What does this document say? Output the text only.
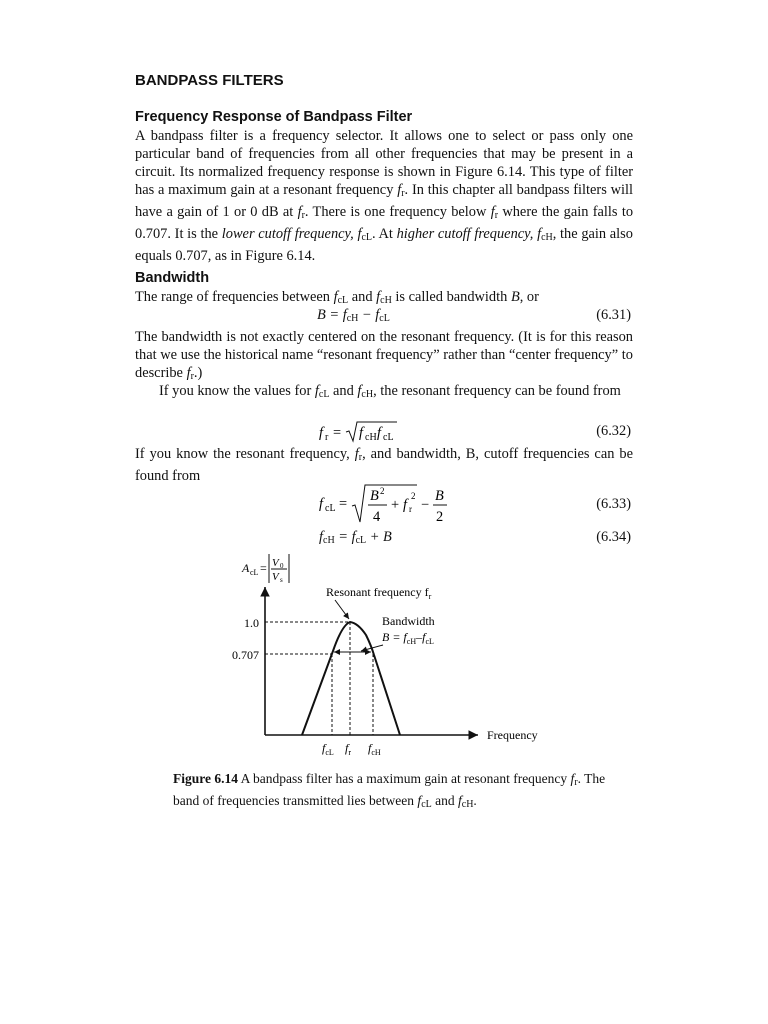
BANDPASS FILTERS
Frequency Response of Bandpass Filter

A bandpass filter is a frequency selector. It allows one to select or pass only one particular band of frequencies from all other frequencies that may be present in a circuit. Its normalized frequency response is shown in Figure 6.14. This type of filter has a maximum gain at a resonant frequency $f_r$. In this chapter all bandpass filters will have a gain of 1 or 0 dB at $f_r$. There is one frequency below $f_r$ where the gain falls to 0.707. It is the lower cutoff frequency, $f_{cL}$. At higher cutoff frequency, $f_{cH}$, the gain also equals 0.707, as in Figure 6.14.

Bandwidth

The range of frequencies between $f_{cL}$ and $f_{cH}$ is called bandwidth B, or

$B = f_{cH} - f_{cL}$	(6.31)

The bandwidth is not exactly centered on the resonant frequency. (It is for this reason that we use the historical name “resonant frequency” rather than “center frequency” to describe $f_r$.)

If you know the values for $f_{cL}$ and $f_{cH}$, the resonant frequency can be found from

f r = f cH f cL	(6.32)

If you know the resonant frequency, $f_r$, and bandwidth, B, cutoff frequencies can be found from

f cL = B 2
4
+ f r
2
−
B
2
(6.33)
$f_{cH} = f_{cL} + B$	(6.34)
A cL = V 0
V s
Frequency
1.0
0.707
Resonant frequency $f_r$
Bandwidth
$B = f_{cH}-f_{cL}$
$f_{cL}$ $f_r$ $f_{cH}$

Figure 6.14 A bandpass filter has a maximum gain at resonant frequency $f_r$. The band of frequencies transmitted lies between $f_{cL}$ and $f_{cH}$.
